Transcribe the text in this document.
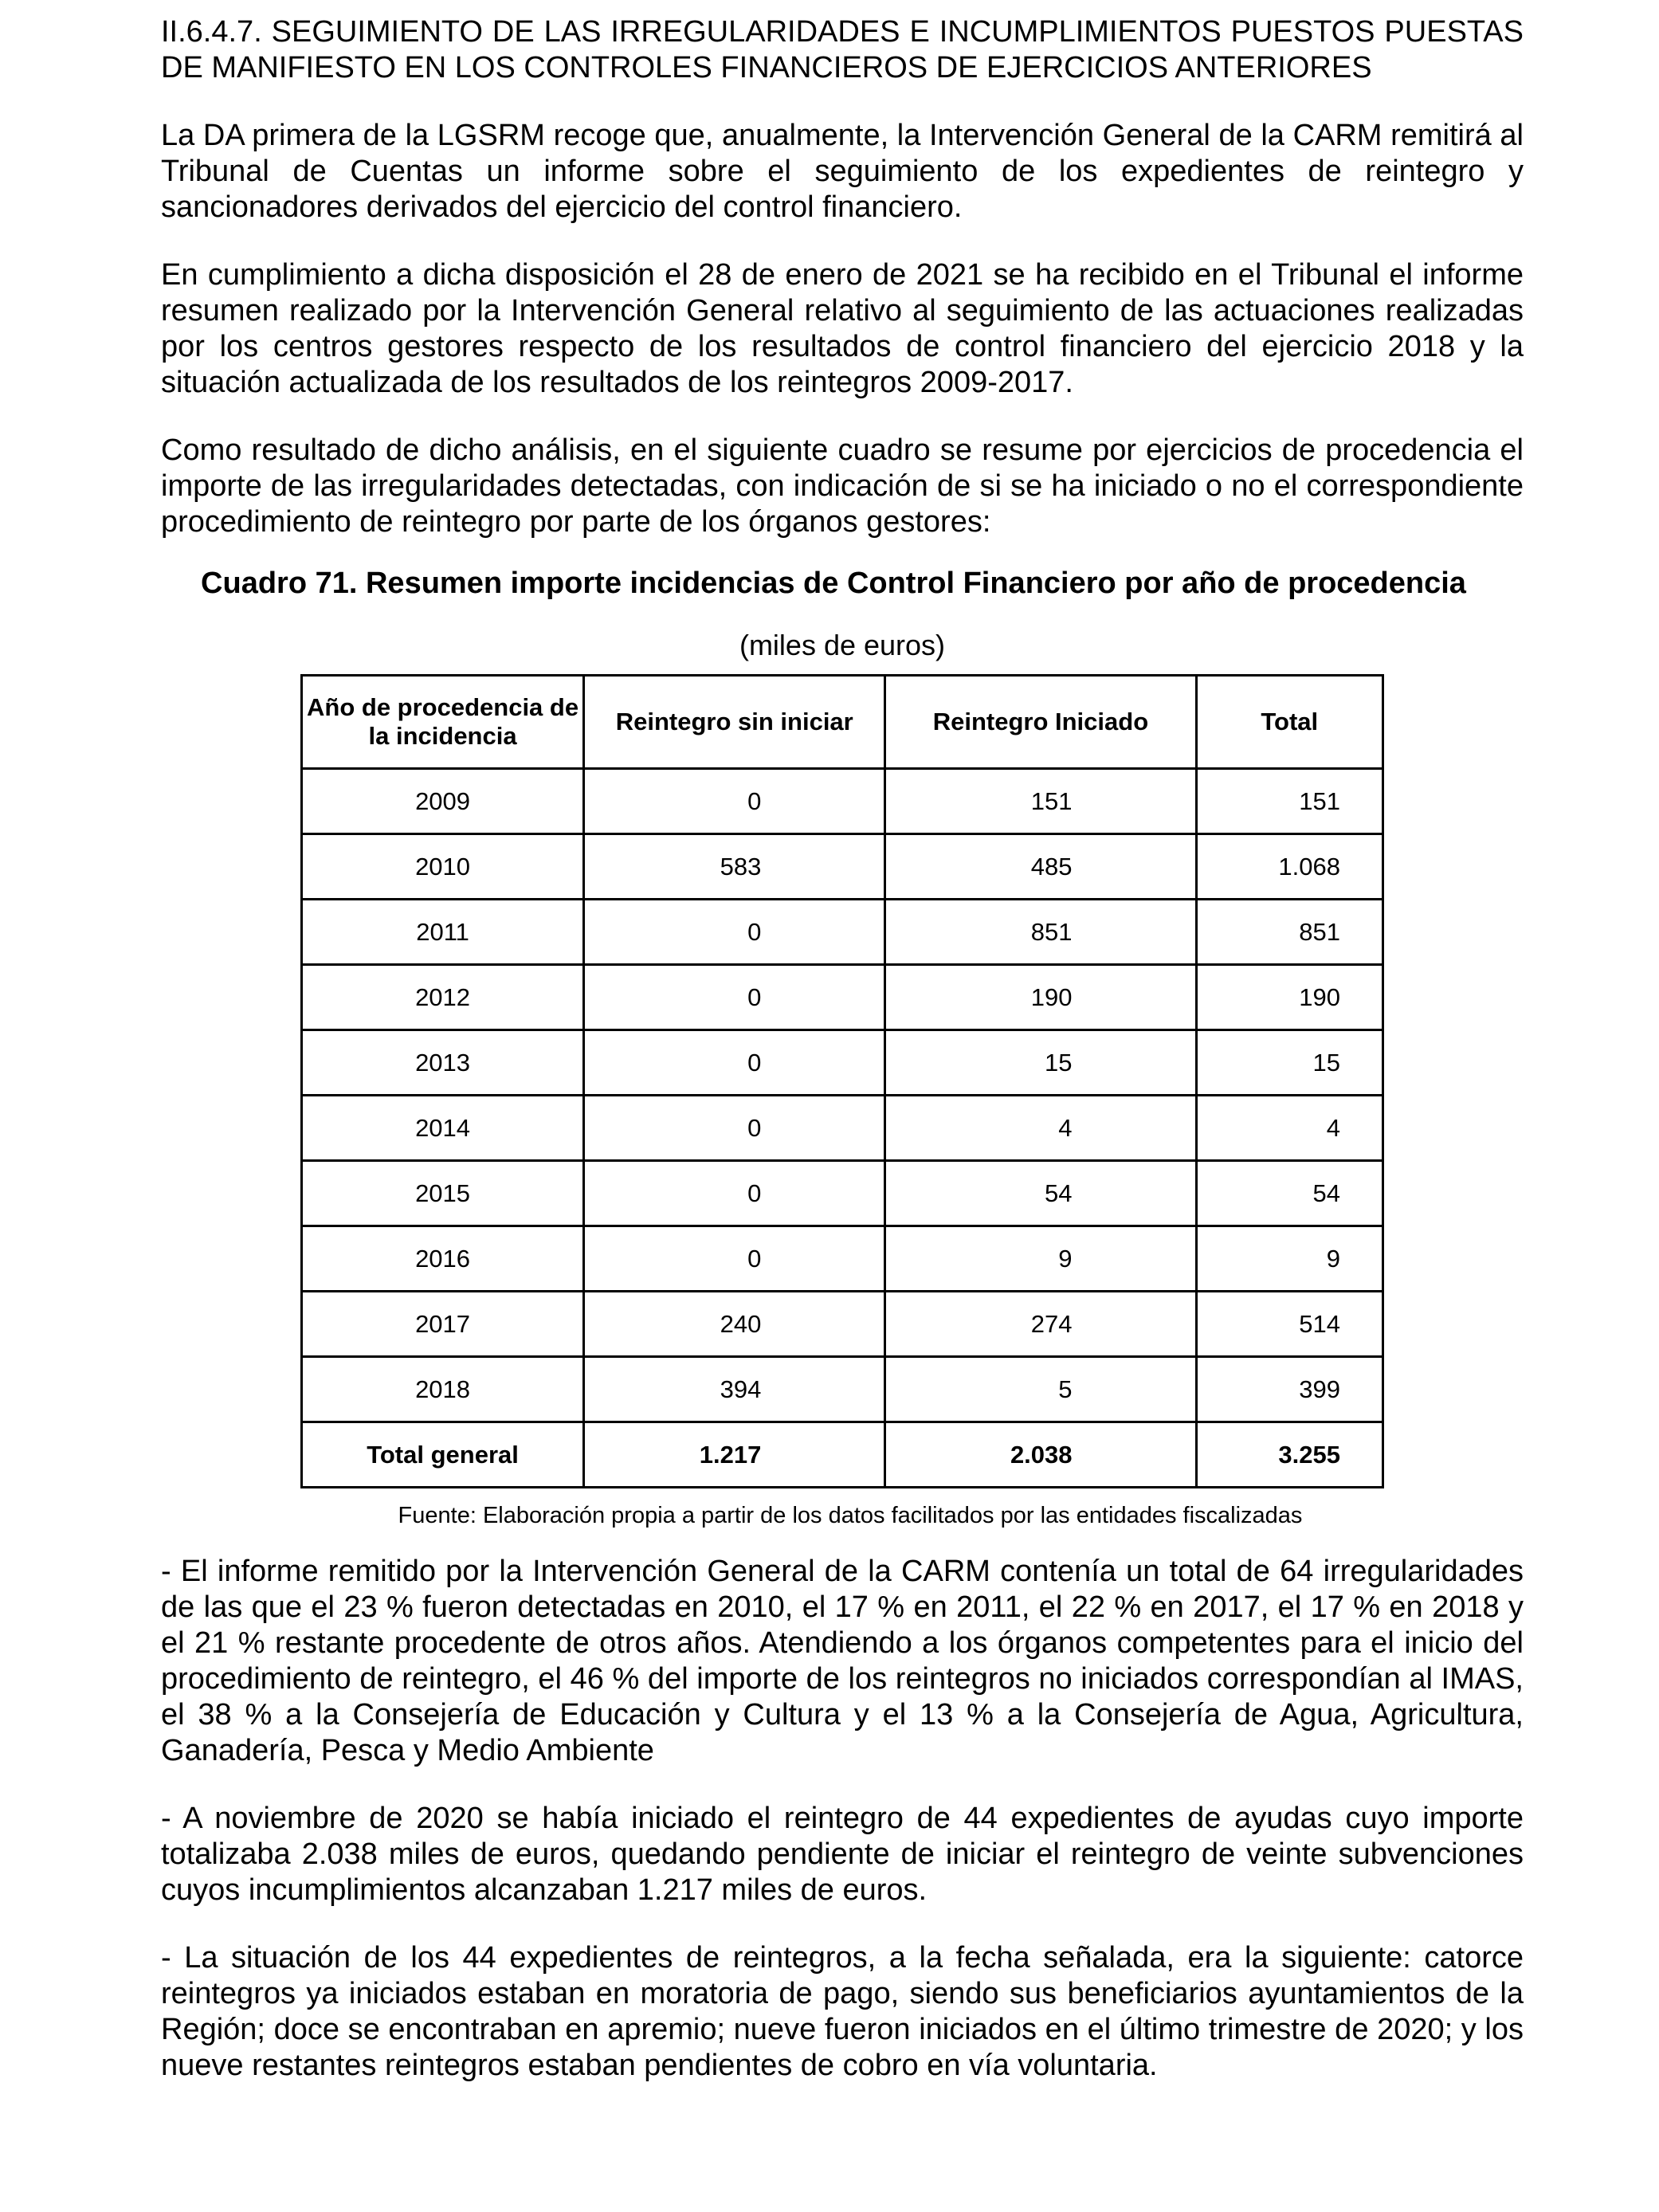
II.6.4.7. SEGUIMIENTO DE LAS IRREGULARIDADES E INCUMPLIMIENTOS PUESTOS PUESTAS DE MANIFIESTO EN LOS CONTROLES FINANCIEROS DE EJERCICIOS ANTERIORES

La DA primera de la LGSRM recoge que, anualmente, la Intervención General de la CARM remitirá al Tribunal de Cuentas un informe sobre el seguimiento de los expedientes de reintegro y sancionadores derivados del ejercicio del control financiero.

En cumplimiento a dicha disposición el 28 de enero de 2021 se ha recibido en el Tribunal el informe resumen realizado por la Intervención General relativo al seguimiento de las actuaciones realizadas por los centros gestores respecto de los resultados de control financiero del ejercicio 2018 y la situación actualizada de los resultados de los reintegros 2009-2017.

Como resultado de dicho análisis, en el siguiente cuadro se resume por ejercicios de procedencia el importe de las irregularidades detectadas, con indicación de si se ha iniciado o no el correspondiente procedimiento de reintegro por parte de los órganos gestores:

Cuadro 71. Resumen importe incidencias de Control Financiero por año de procedencia
(miles de euros)
Año de procedencia de la incidencia	Reintegro sin iniciar	Reintegro Iniciado	Total
2009	0	151	151
2010	583	485	1.068
2011	0	851	851
2012	0	190	190
2013	0	15	15
2014	0	4	4
2015	0	54	54
2016	0	9	9
2017	240	274	514
2018	394	5	399
Total general	1.217	2.038	3.255
Fuente: Elaboración propia a partir de los datos facilitados por las entidades fiscalizadas

- El informe remitido por la Intervención General de la CARM contenía un total de 64 irregularidades de las que el 23 % fueron detectadas en 2010, el 17 % en 2011, el 22 % en 2017, el 17 % en 2018 y el 21 % restante procedente de otros años. Atendiendo a los órganos competentes para el inicio del procedimiento de reintegro, el 46 % del importe de los reintegros no iniciados correspondían al IMAS, el 38 % a la Consejería de Educación y Cultura y el 13 % a la Consejería de Agua, Agricultura, Ganadería, Pesca y Medio Ambiente

- A noviembre de 2020 se había iniciado el reintegro de 44 expedientes de ayudas cuyo importe totalizaba 2.038 miles de euros, quedando pendiente de iniciar el reintegro de veinte subvenciones cuyos incumplimientos alcanzaban 1.217 miles de euros.

- La situación de los 44 expedientes de reintegros, a la fecha señalada, era la siguiente: catorce reintegros ya iniciados estaban en moratoria de pago, siendo sus beneficiarios ayuntamientos de la Región; doce se encontraban en apremio; nueve fueron iniciados en el último trimestre de 2020; y los nueve restantes reintegros estaban pendientes de cobro en vía voluntaria.
